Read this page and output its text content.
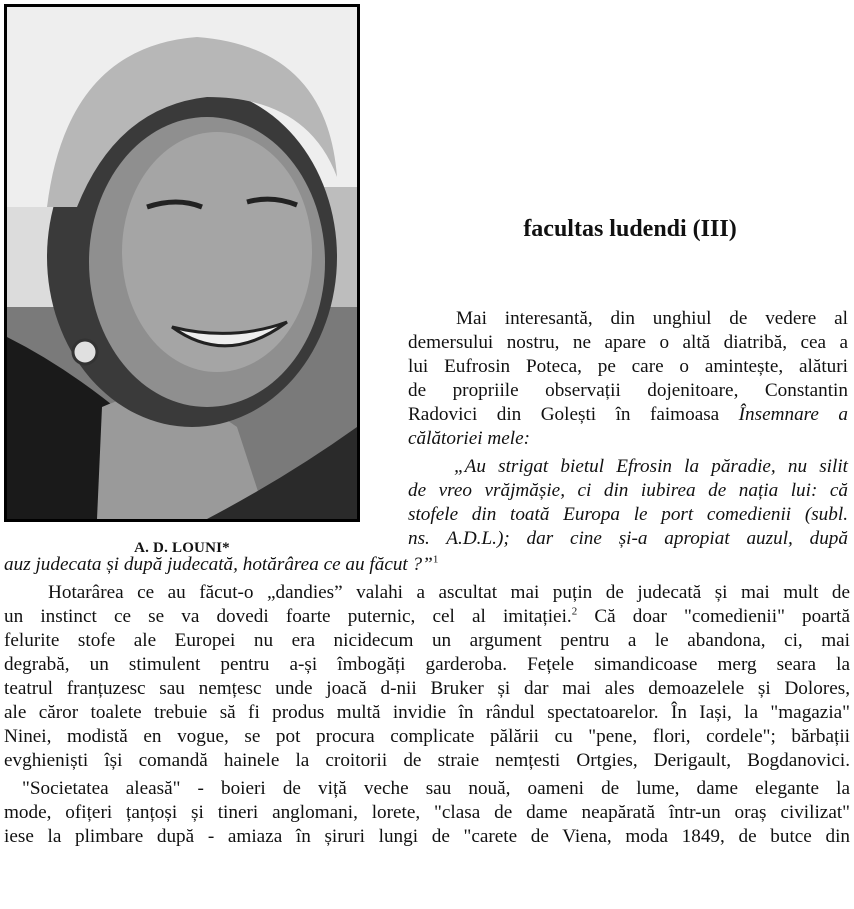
A. D. LOUNI*
facultas ludendi (III)
Mai interesantă, din unghiul de vedere al
demersului nostru, ne apare o altă diatribă, cea a
lui Eufrosin Poteca, pe care o amintește, alături
de propriile observații dojenitoare, Constantin
Radovici din Golești în faimoasa Însemnare a
călătoriei mele:
„Au strigat bietul Efrosin la păradie, nu silit
de vreo vrăjmășie, ci din iubirea de nația lui: că
stofele din toată Europa le port comedienii (subl.
ns. A.D.L.); dar cine și-a apropiat auzul, după
auz judecata și după judecată, hotărârea ce au făcut ?”$^1$
Hotarârea ce au făcut-o „dandies” valahi a ascultat mai puțin de judecată și mai mult de
un instinct ce se va dovedi foarte puternic, cel al imitației.$^2$ Că doar "comedienii" poartă
felurite stofe ale Europei nu era nicidecum un argument pentru a le abandona, ci, mai
degrabă, un stimulent pentru a-și îmbogăți garderoba. Fețele simandicoase merg seara la
teatrul franțuzesc sau nemțesc unde joacă d-nii Bruker și dar mai ales demoazelele și Dolores,
ale căror toalete trebuie să fi produs multă invidie în rândul spectatoarelor. În Iași, la "magazia"
Ninei, modistă en vogue, se pot procura complicate pălării cu "pene, flori, cordele"; bărbații
evghieniști își comandă hainele la croitorii de straie nemțesti Ortgies, Derigault, Bogdanovici.
"Societatea aleasă" - boieri de viță veche sau nouă, oameni de lume, dame elegante la
mode, ofițeri țanțoși și tineri anglomani, lorete, "clasa de dame neapărată într-un oraș civilizat"
iese la plimbare după - amiaza în șiruri lungi de "carete de Viena, moda 1849, de butce din
